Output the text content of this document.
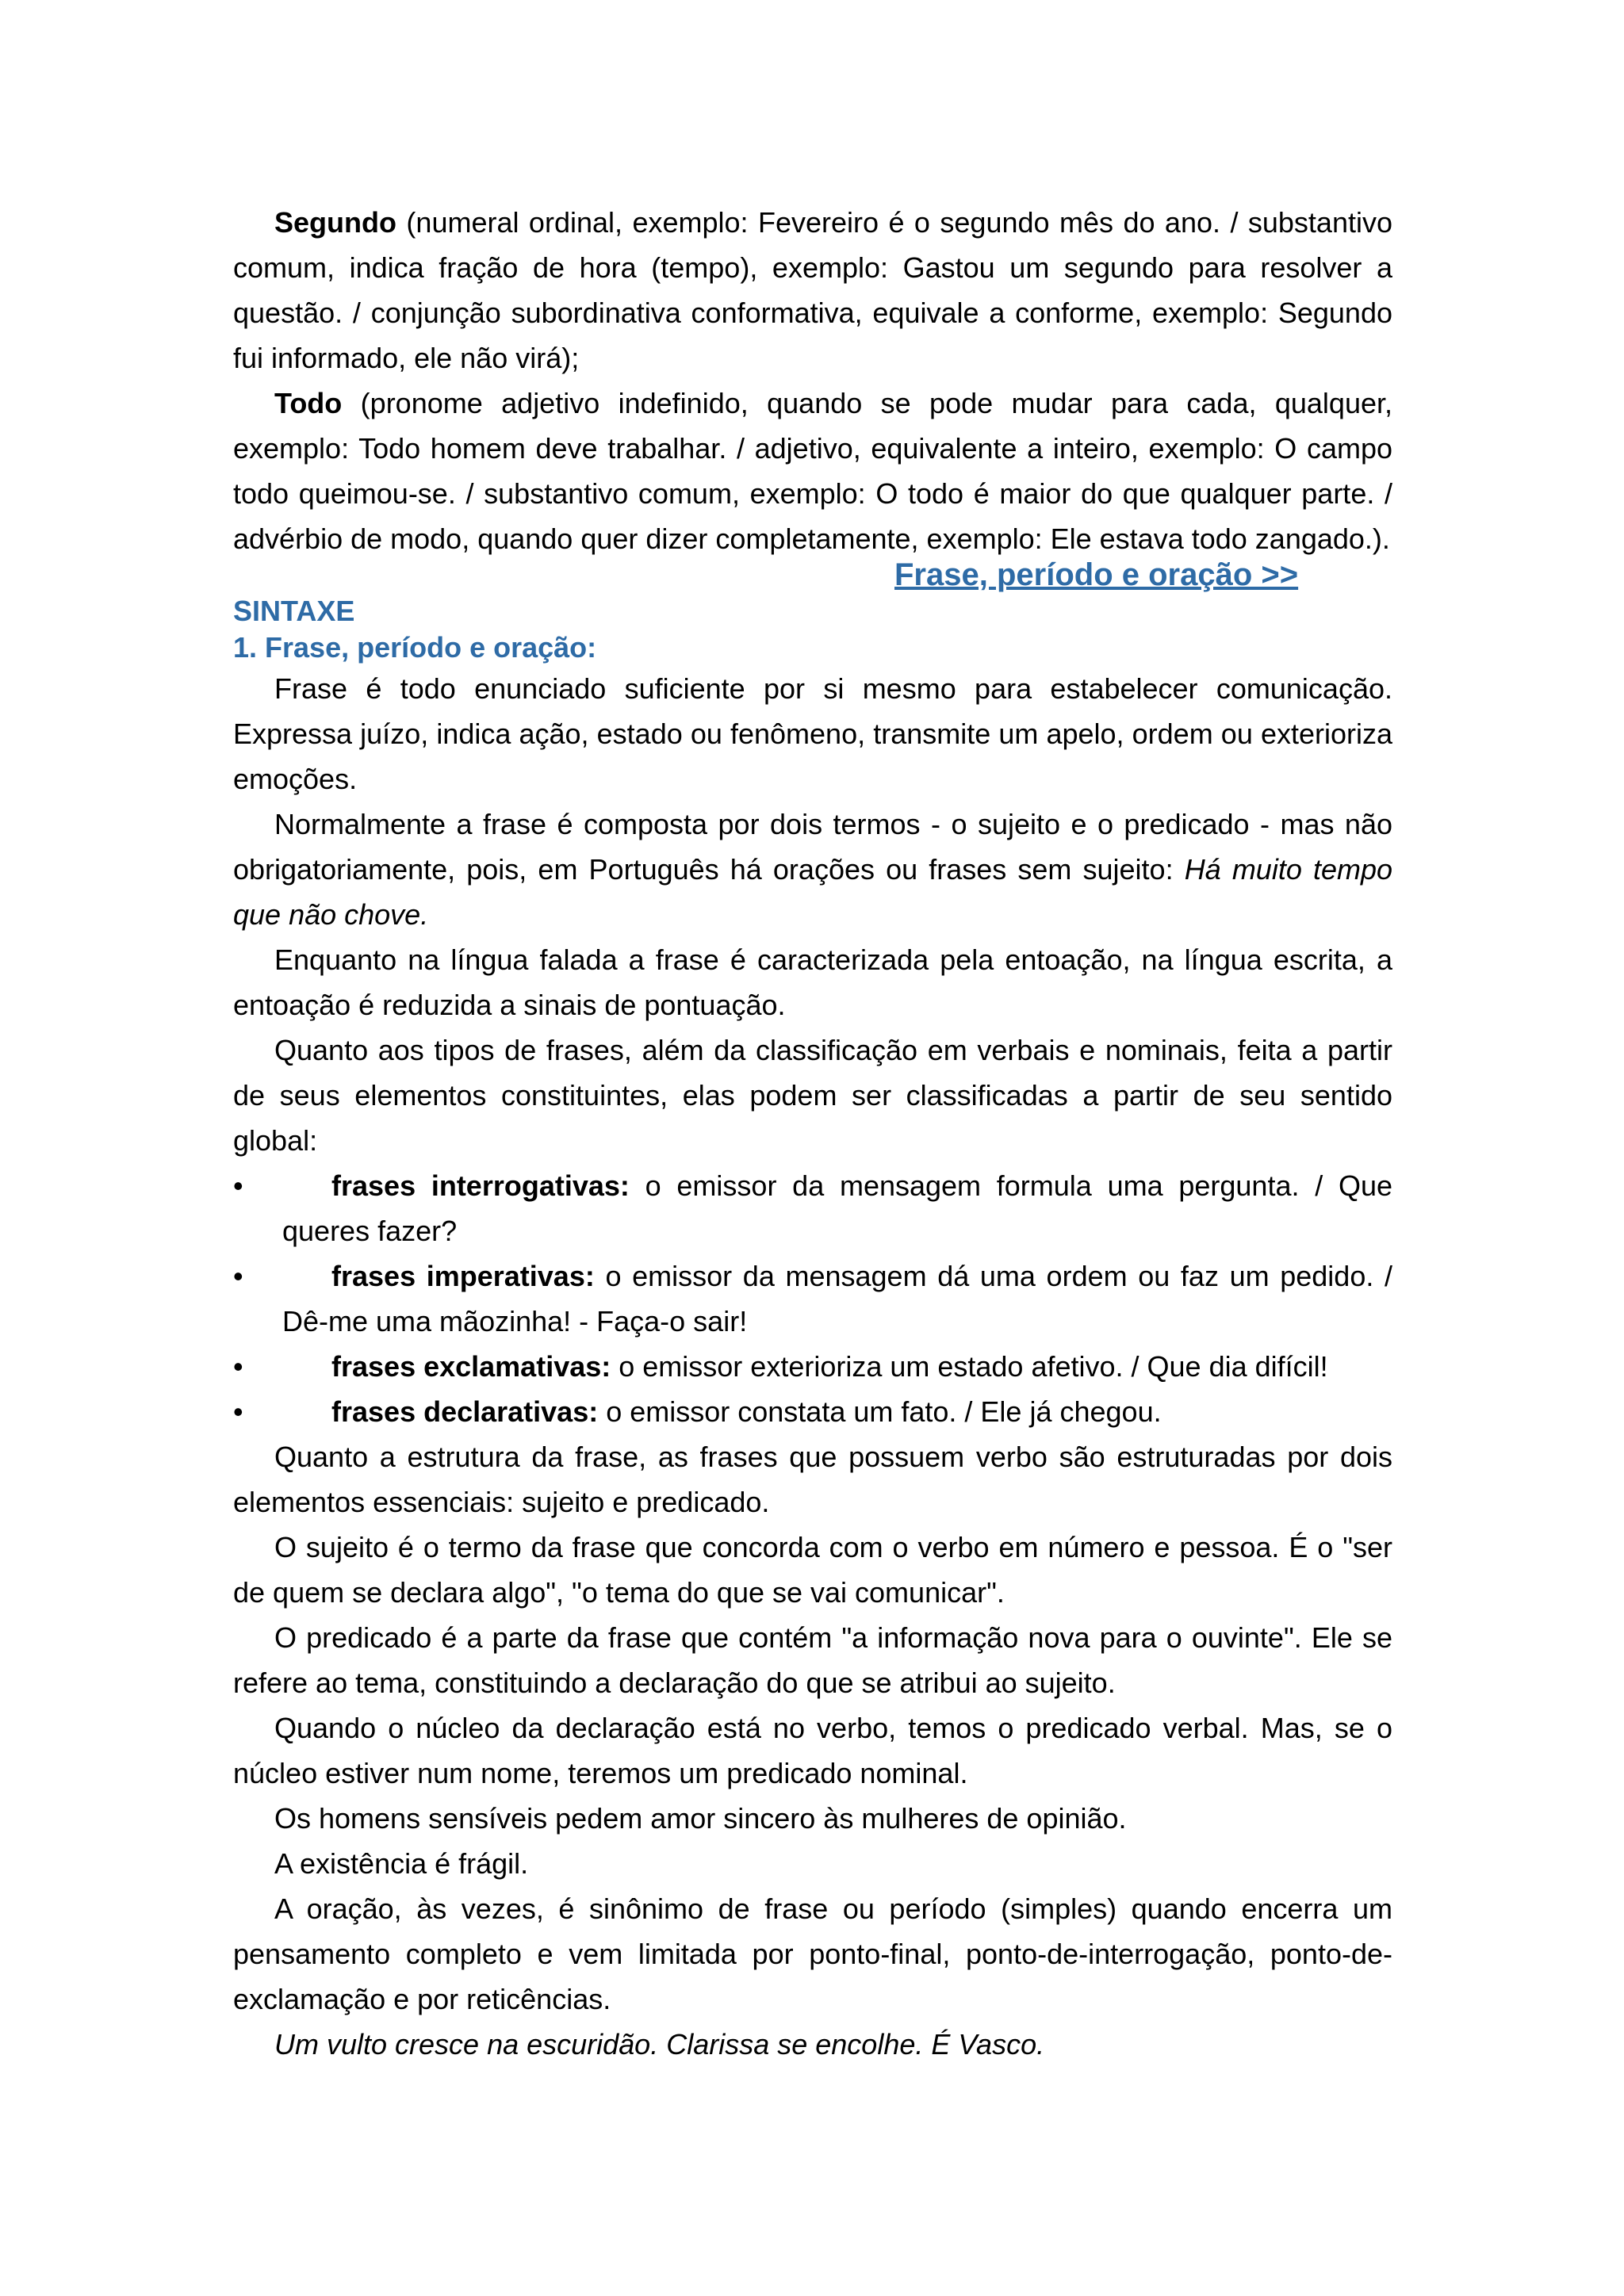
Segundo (numeral ordinal, exemplo: Fevereiro é o segundo mês do ano. / substantivo comum, indica fração de hora (tempo), exemplo: Gastou um segundo para resolver a questão. / conjunção subordinativa conformativa, equivale a conforme, exemplo: Segundo fui informado, ele não virá);

Todo (pronome adjetivo indefinido, quando se pode mudar para cada, qualquer, exemplo: Todo homem deve trabalhar. / adjetivo, equivalente a inteiro, exemplo: O campo todo queimou-se. / substantivo comum, exemplo: O todo é maior do que qualquer parte. / advérbio de modo, quando quer dizer completamente, exemplo: Ele estava todo zangado.).

Frase, período e oração >>
SINTAXE
1. Frase, período e oração:

Frase é todo enunciado suficiente por si mesmo para estabelecer comunicação. Expressa juízo, indica ação, estado ou fenômeno, transmite um apelo, ordem ou exterioriza emoções.

Normalmente a frase é composta por dois termos - o sujeito e o predicado - mas não obrigatoriamente, pois, em Português há orações ou frases sem sujeito: Há muito tempo que não chove.

Enquanto na língua falada a frase é caracterizada pela entoação, na língua escrita, a entoação é reduzida a sinais de pontuação.

Quanto aos tipos de frases, além da classificação em verbais e nominais, feita a partir de seus elementos constituintes, elas podem ser classificadas a partir de seu sentido global:

•	frases interrogativas: o emissor da mensagem formula uma pergunta. / Que queres fazer?
•	frases imperativas: o emissor da mensagem dá uma ordem ou faz um pedido. / Dê-me uma mãozinha! - Faça-o sair!
•	frases exclamativas: o emissor exterioriza um estado afetivo. / Que dia difícil!
•	frases declarativas: o emissor constata um fato. / Ele já chegou.

Quanto a estrutura da frase, as frases que possuem verbo são estruturadas por dois elementos essenciais: sujeito e predicado.

O sujeito é o termo da frase que concorda com o verbo em número e pessoa. É o "ser de quem se declara algo", "o tema do que se vai comunicar".

O predicado é a parte da frase que contém "a informação nova para o ouvinte". Ele se refere ao tema, constituindo a declaração do que se atribui ao sujeito.

Quando o núcleo da declaração está no verbo, temos o predicado verbal. Mas, se o núcleo estiver num nome, teremos um predicado nominal.

Os homens sensíveis pedem amor sincero às mulheres de opinião.

A existência é frágil.

A oração, às vezes, é sinônimo de frase ou período (simples) quando encerra um pensamento completo e vem limitada por ponto-final, ponto-de-interrogação, ponto-de-exclamação e por reticências.

Um vulto cresce na escuridão. Clarissa se encolhe. É Vasco.
